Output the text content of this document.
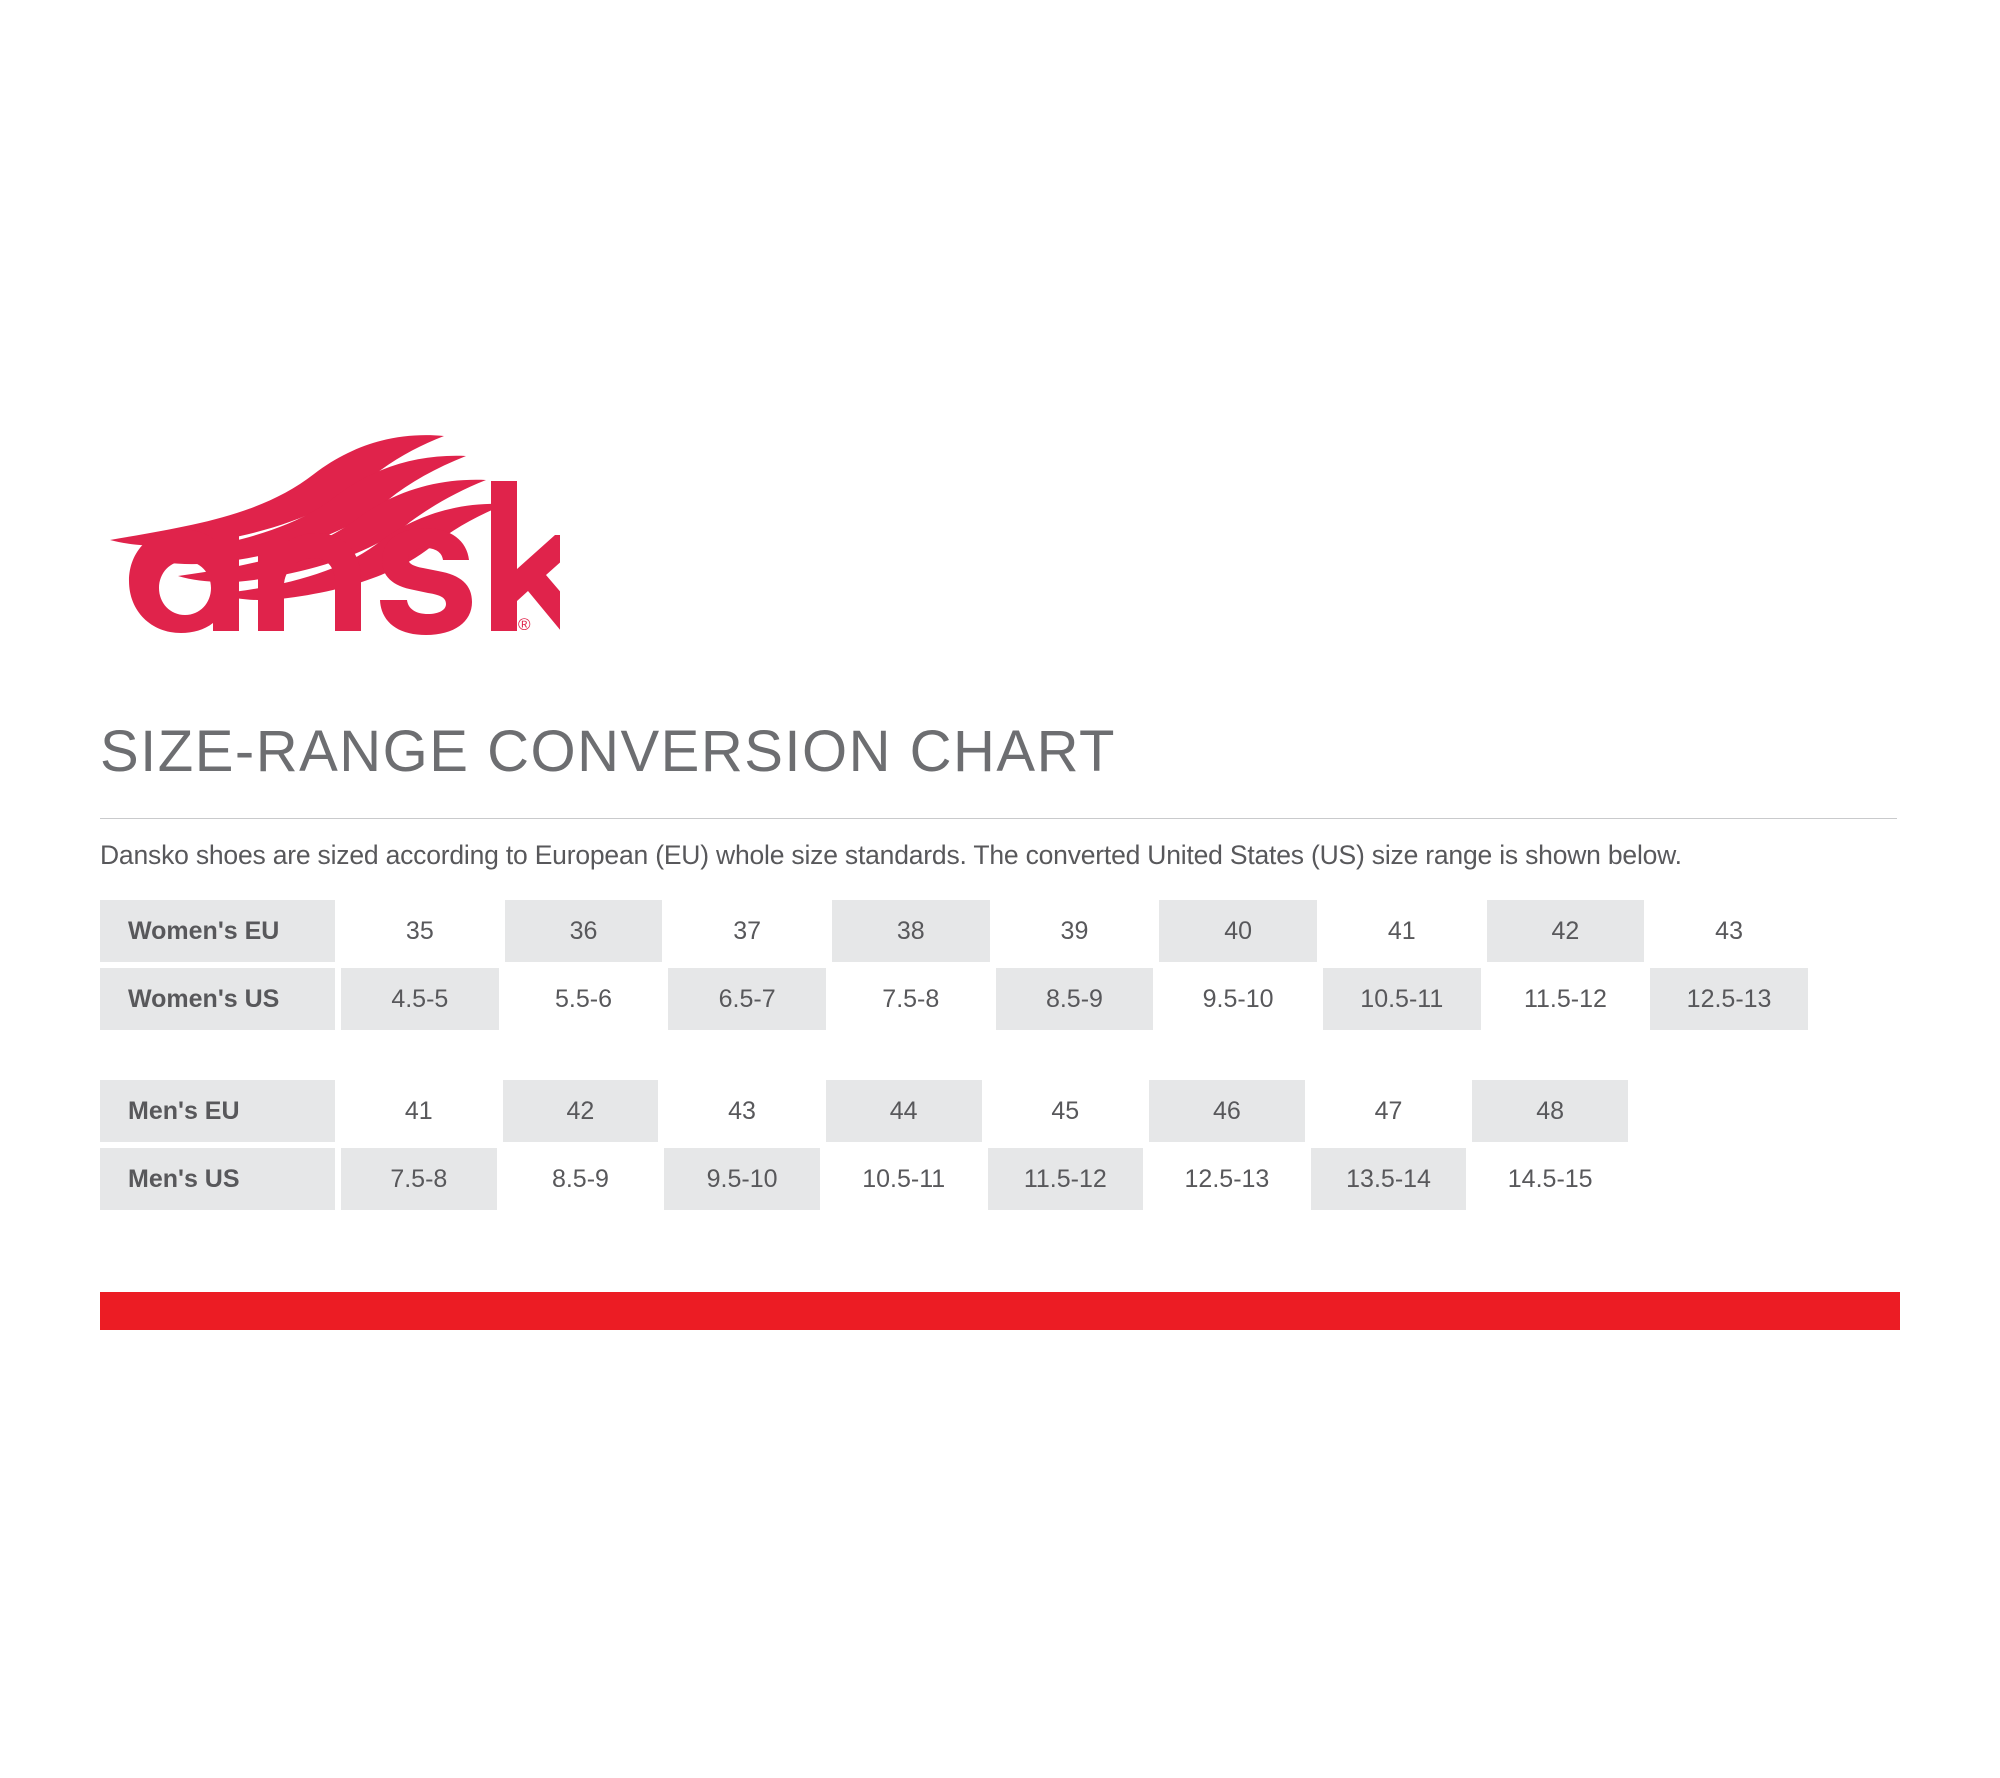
®
SIZE-RANGE CONVERSION CHART
Dansko shoes are sized according to European (EU) whole size standards. The converted United States (US) size range is shown below.
Women's EU		35		36		37		38		39		40		41		42		43

Women's US		4.5-5		5.5-6		6.5-7		7.5-8		8.5-9		9.5-10		10.5-11		11.5-12		12.5-13
Men's EU		41		42		43		44		45		46		47		48

Men's US		7.5-8		8.5-9		9.5-10		10.5-11		11.5-12		12.5-13		13.5-14		14.5-15
